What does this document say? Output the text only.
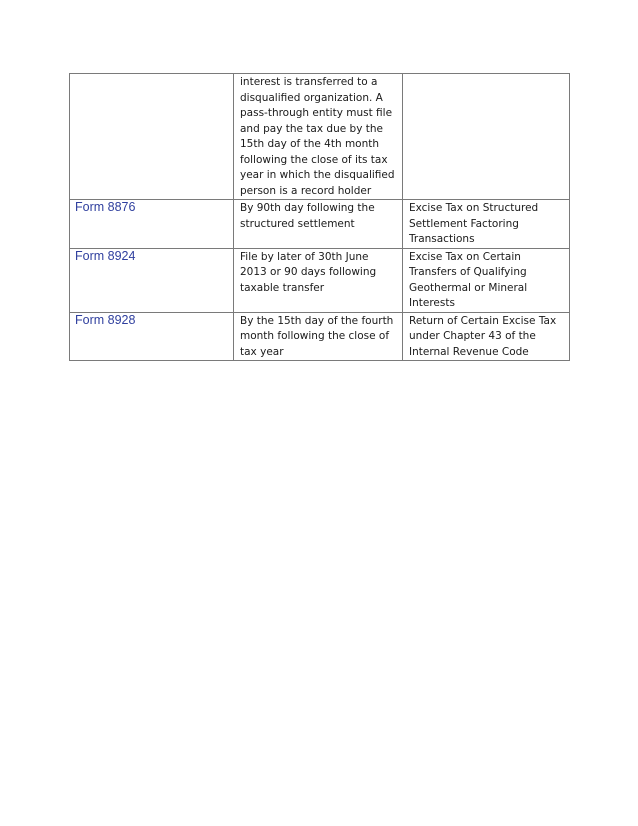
	interest is transferred to a disqualified organization. A pass-through entity must file and pay the tax due by the 15th day of the 4th month following the close of its tax year in which the disqualified person is a record holder	

Form 8876	By 90th day following the structured settlement	Excise Tax on Structured Settlement Factoring Transactions

Form 8924	File by later of 30th June 2013 or 90 days following taxable transfer	Excise Tax on Certain Transfers of Qualifying Geothermal or Mineral Interests

Form 8928	By the 15th day of the fourth month following the close of tax year	Return of Certain Excise Tax under Chapter 43 of the Internal Revenue Code
